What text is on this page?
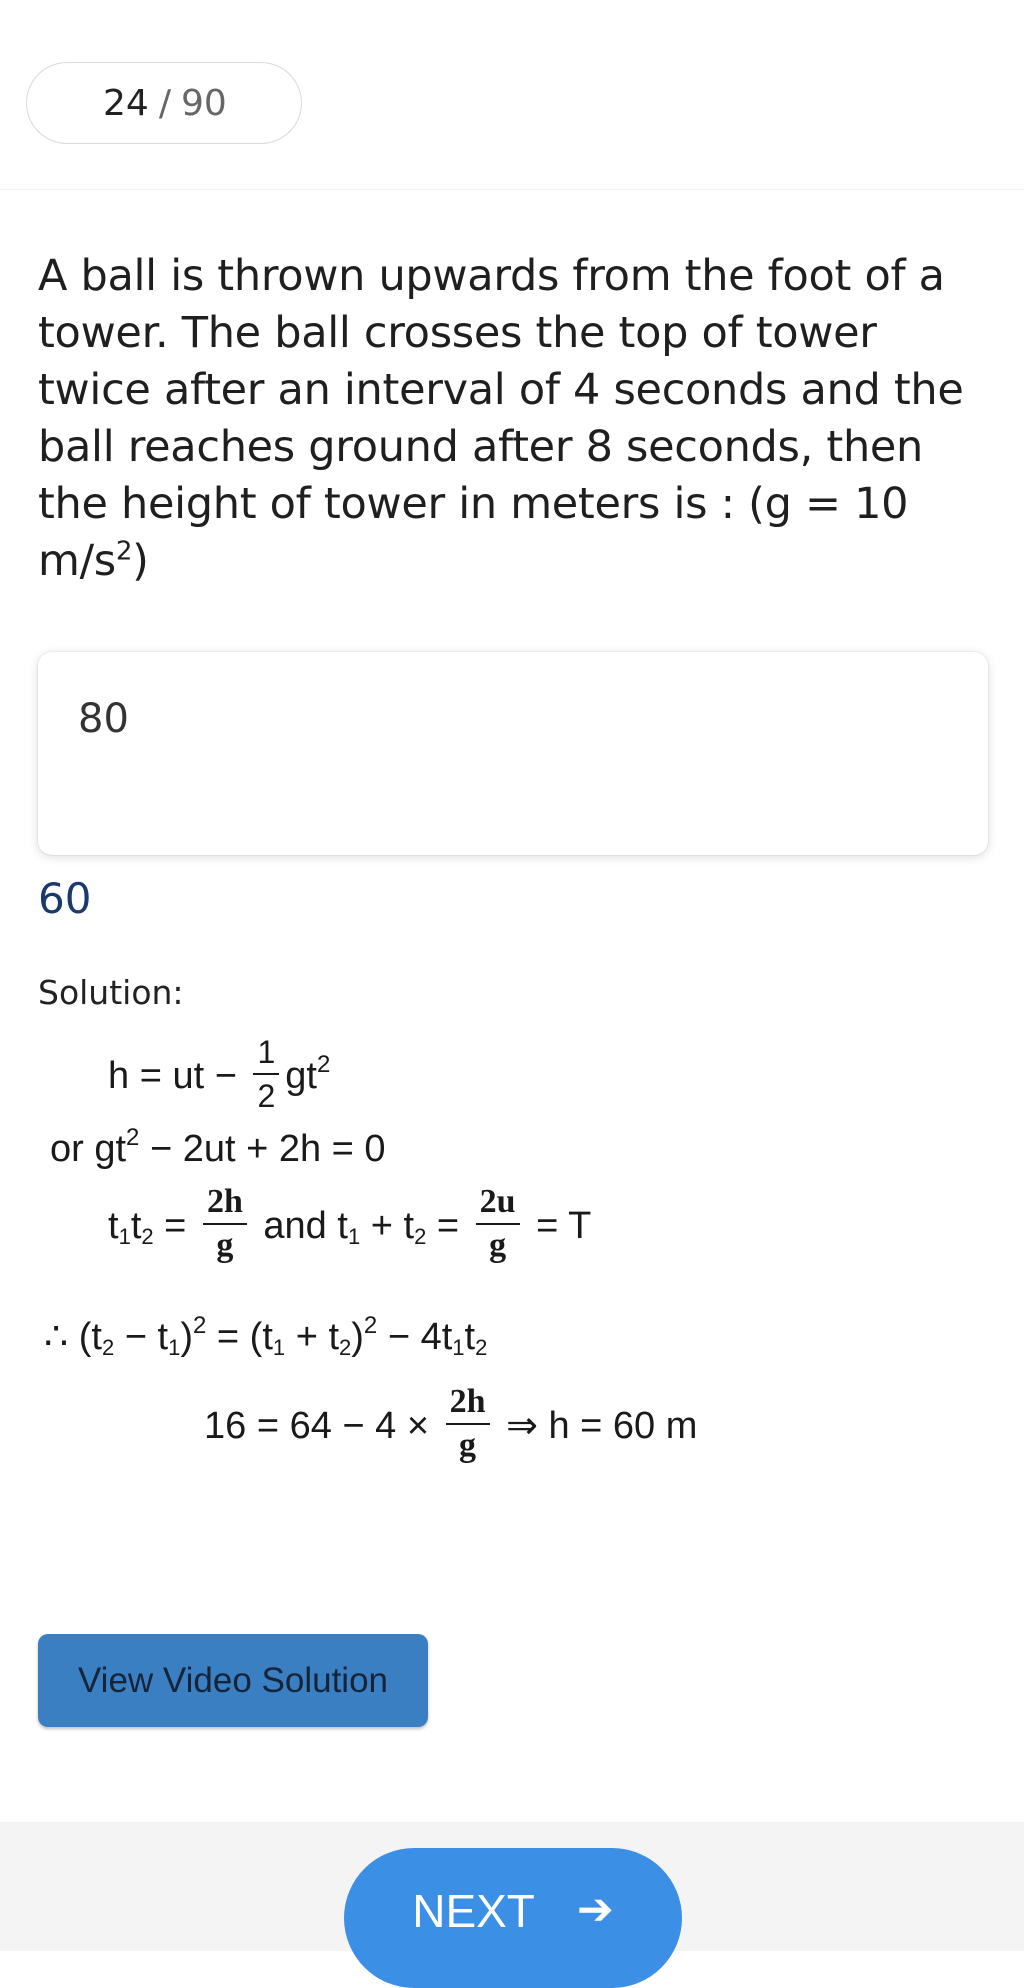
24 / 90
A ball is thrown upwards from the foot of a tower. The ball crosses the top of tower twice after an interval of 4 seconds and the ball reaches ground after 8 seconds, then the height of tower in meters is : (g = 10 $m/s^2$)
80
60
Solution:
h = ut − $\frac{1}{2} gt^2$
or $gt^2 - 2ut + 2h = 0$
$t_1t_2 = \frac{2h}{g}$ and $t_1 + t_2 = \frac{2u}{g} = T$
∴ $(t_2 - t_1)^2 = (t_1 + t_2)^2 - 4t_1t_2$
$16 = 64 - 4 \times \frac{2h}{g}$ ⇒ h = 60 m
View Video Solution
NEXT ➔
